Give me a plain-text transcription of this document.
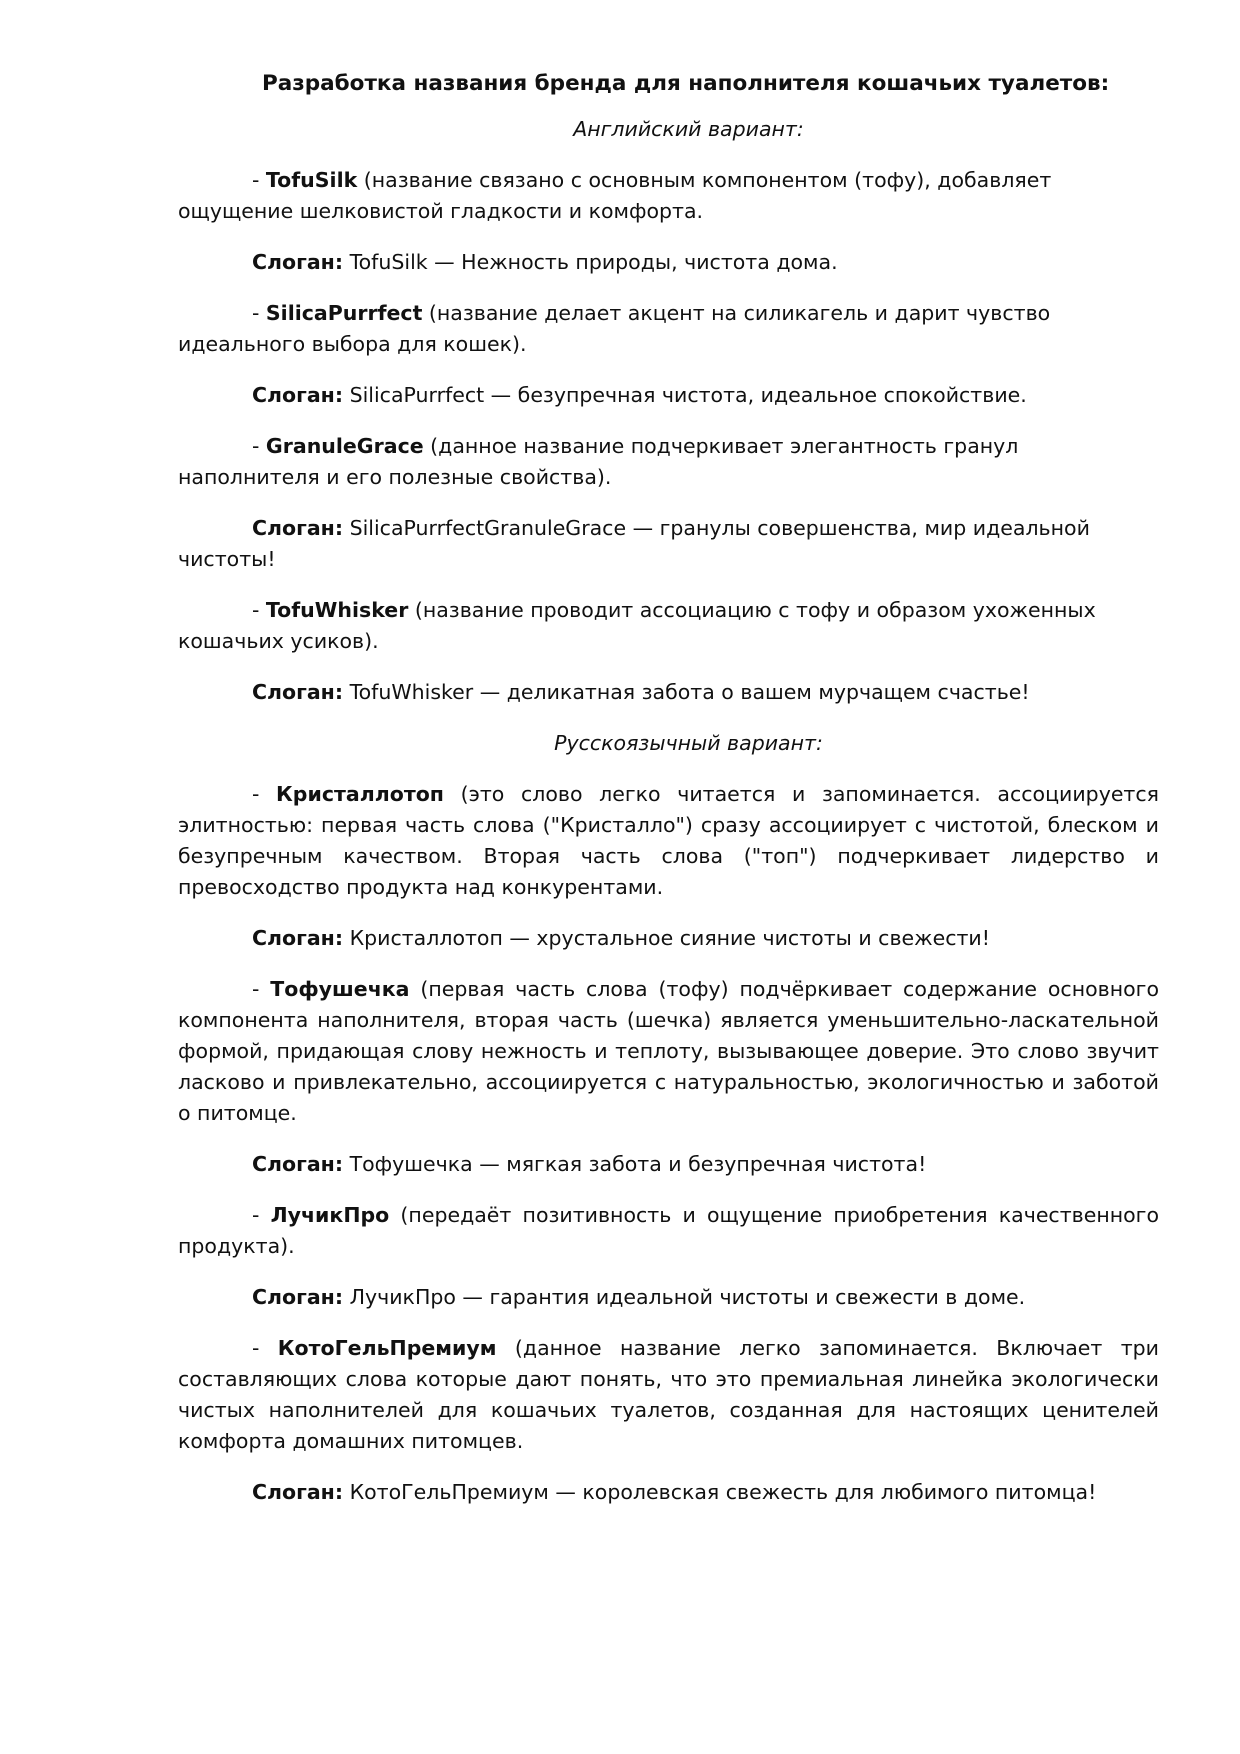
Разработка названия бренда для наполнителя кошачьих туалетов:

Английский вариант:

- TofuSilk (название связано с основным компонентом (тофу), добавляет ощущение шелковистой гладкости и комфорта.

Слоган: TofuSilk — Нежность природы, чистота дома.

- SilicaPurrfect (название делает акцент на силикагель и дарит чувство идеального выбора для кошек).

Слоган: SilicaPurrfect — безупречная чистота, идеальное спокойствие.

- GranuleGrace (данное название подчеркивает элегантность гранул наполнителя и его полезные свойства).

Слоган: SilicaPurrfectGranuleGrace — гранулы совершенства, мир идеальной чистоты!

- TofuWhisker (название проводит ассоциацию с тофу и образом ухоженных кошачьих усиков).

Слоган: TofuWhisker — деликатная забота о вашем мурчащем счастье!

Русскоязычный вариант:

- Кристаллотоп (это слово легко читается и запоминается. ассоциируется элитностью: первая часть слова ("Кристалло") сразу ассоциирует с чистотой, блеском и безупречным качеством. Вторая часть слова ("топ") подчеркивает лидерство и превосходство продукта над конкурентами.

Слоган: Кристаллотоп — хрустальное сияние чистоты и свежести!

- Тофушечка (первая часть слова (тофу) подчёркивает содержание основного компонента наполнителя, вторая часть (шечка) является уменьшительно-ласкательной формой, придающая слову нежность и теплоту, вызывающее доверие. Это слово звучит ласково и привлекательно, ассоциируется с натуральностью, экологичностью и заботой о питомце.

Слоган: Тофушечка — мягкая забота и безупречная чистота!

- ЛучикПро (передаёт позитивность и ощущение приобретения качественного продукта).

Слоган: ЛучикПро — гарантия идеальной чистоты и свежести в доме.

- КотоГельПремиум (данное название легко запоминается. Включает три составляющих слова которые дают понять, что это премиальная линейка экологически чистых наполнителей для кошачьих туалетов, созданная для настоящих ценителей комфорта домашних питомцев.

Слоган: КотоГельПремиум — королевская свежесть для любимого питомца!
